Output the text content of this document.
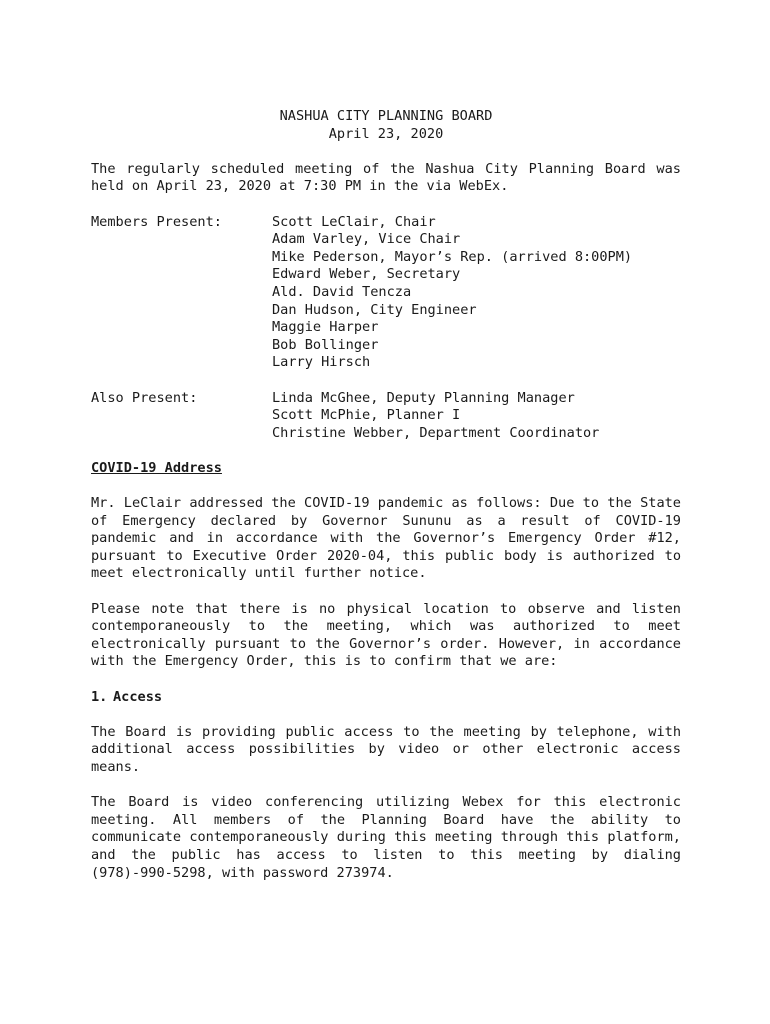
NASHUA CITY PLANNING BOARD

April 23, 2020

The regularly scheduled meeting of the Nashua City Planning Board was held on April 23, 2020 at 7:30 PM in the via WebEx.

Members Present:	Scott LeClair, Chair
Adam Varley, Vice Chair
Mike Pederson, Mayor’s Rep. (arrived 8:00PM)
Edward Weber, Secretary
Ald. David Tencza
Dan Hudson, City Engineer
Maggie Harper
Bob Bollinger
Larry Hirsch
Also Present:	Linda McGhee, Deputy Planning Manager
Scott McPhie, Planner I
Christine Webber, Department Coordinator

COVID-19 Address

Mr. LeClair addressed the COVID-19 pandemic as follows: Due to the State of Emergency declared by Governor Sununu as a result of COVID-19 pandemic and in accordance with the Governor’s Emergency Order #12, pursuant to Executive Order 2020-04, this public body is authorized to meet electronically until further notice.

Please note that there is no physical location to observe and listen contemporaneously to the meeting, which was authorized to meet electronically pursuant to the Governor’s order. However, in accordance with the Emergency Order, this is to confirm that we are:

1. Access

The Board is providing public access to the meeting by telephone, with additional access possibilities by video or other electronic access means.

The Board is video conferencing utilizing Webex for this electronic meeting. All members of the Planning Board have the ability to communicate contemporaneously during this meeting through this platform, and the public has access to listen to this meeting by dialing (978)-990-5298, with password 273974.
